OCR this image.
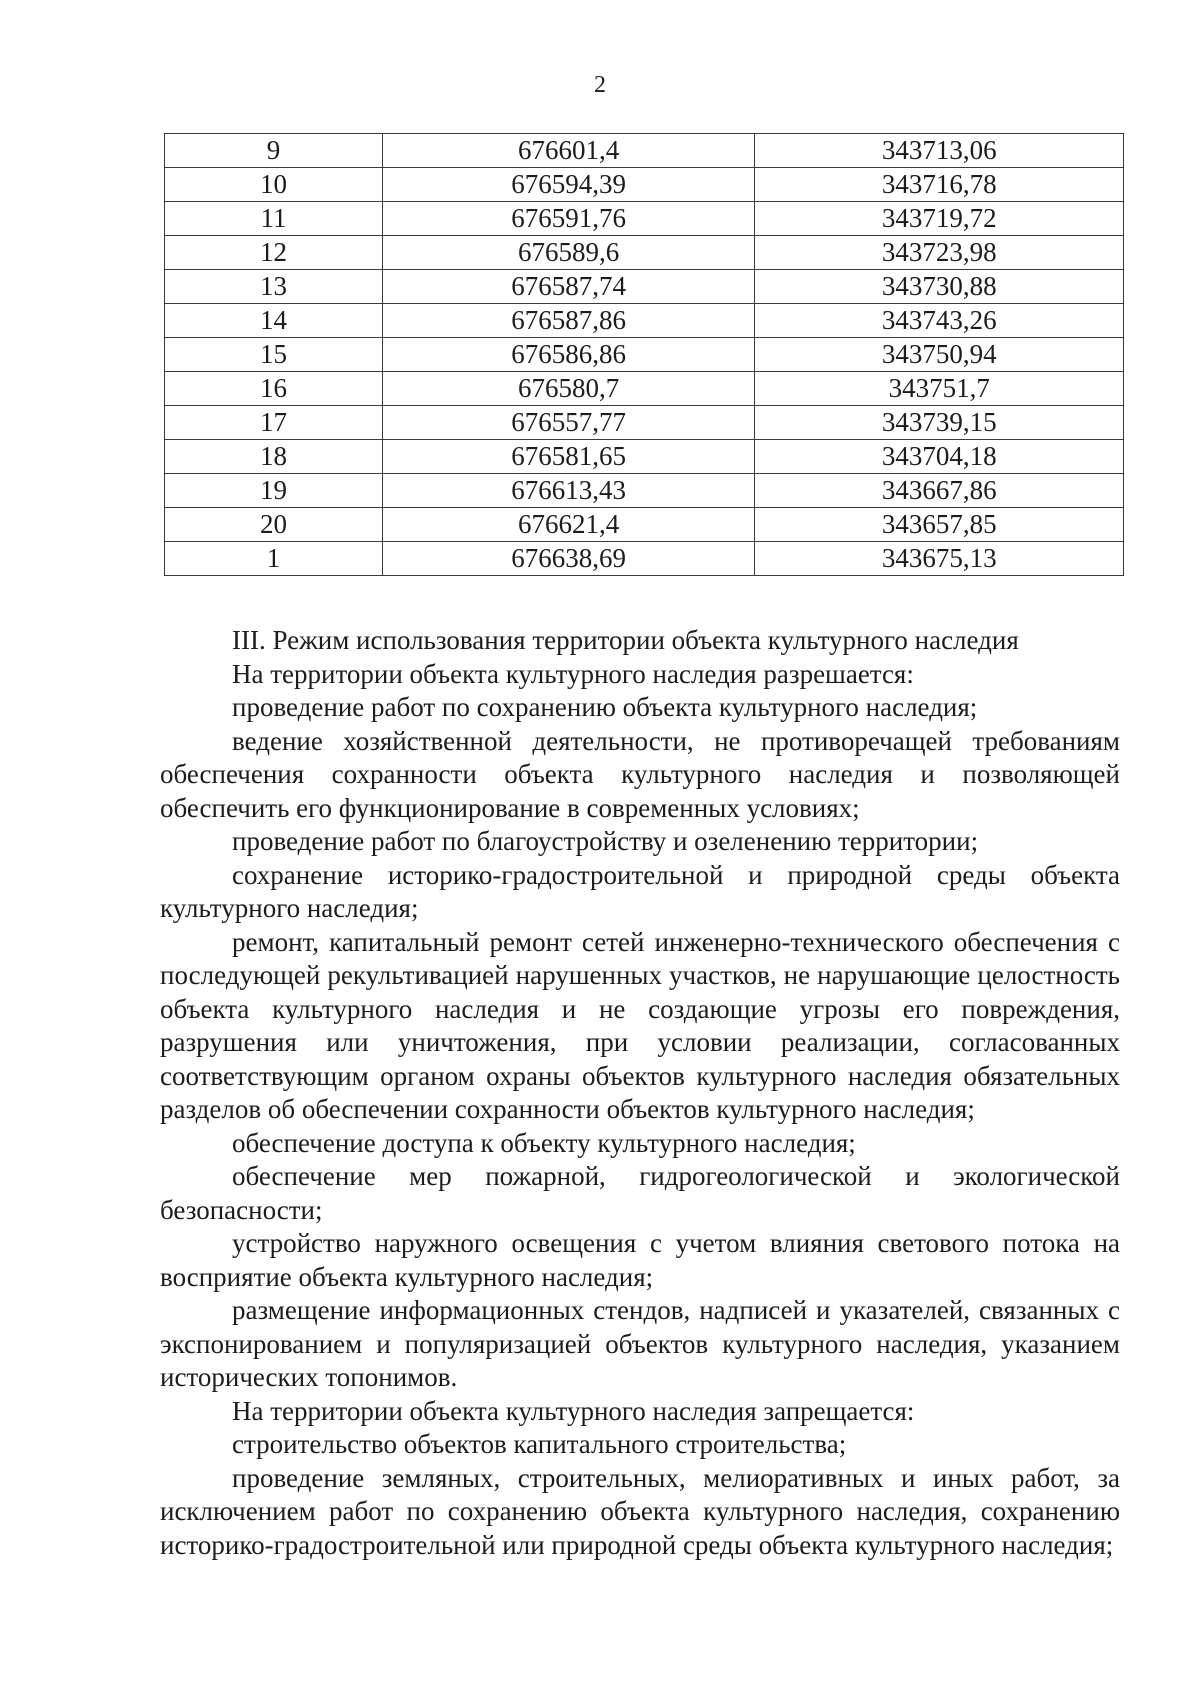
2
9	676601,4	343713,06
10	676594,39	343716,78
11	676591,76	343719,72
12	676589,6	343723,98
13	676587,74	343730,88
14	676587,86	343743,26
15	676586,86	343750,94
16	676580,7	343751,7
17	676557,77	343739,15
18	676581,65	343704,18
19	676613,43	343667,86
20	676621,4	343657,85
1	676638,69	343675,13

III. Режим использования территории объекта культурного наследия

На территории объекта культурного наследия разрешается:

проведение работ по сохранению объекта культурного наследия;

ведение хозяйственной деятельности, не противоречащей требованиям обеспечения сохранности объекта культурного наследия и позволяющей обеспечить его функционирование в современных условиях;

проведение работ по благоустройству и озеленению территории;

сохранение историко-градостроительной и природной среды объекта культурного наследия;

ремонт, капитальный ремонт сетей инженерно-технического обеспечения с последующей рекультивацией нарушенных участков, не нарушающие целостность объекта культурного наследия и не создающие угрозы его повреждения, разрушения или уничтожения, при условии реализации, согласованных соответствующим органом охраны объектов культурного наследия обязательных разделов об обеспечении сохранности объектов культурного наследия;

обеспечение доступа к объекту культурного наследия;

обеспечение мер пожарной, гидрогеологической и экологической безопасности;

устройство наружного освещения с учетом влияния светового потока на восприятие объекта культурного наследия;

размещение информационных стендов, надписей и указателей, связанных с экспонированием и популяризацией объектов культурного наследия, указанием исторических топонимов.

На территории объекта культурного наследия запрещается:

строительство объектов капитального строительства;

проведение земляных, строительных, мелиоративных и иных работ, за исключением работ по сохранению объекта культурного наследия, сохранению историко-градостроительной или природной среды объекта культурного наследия;
